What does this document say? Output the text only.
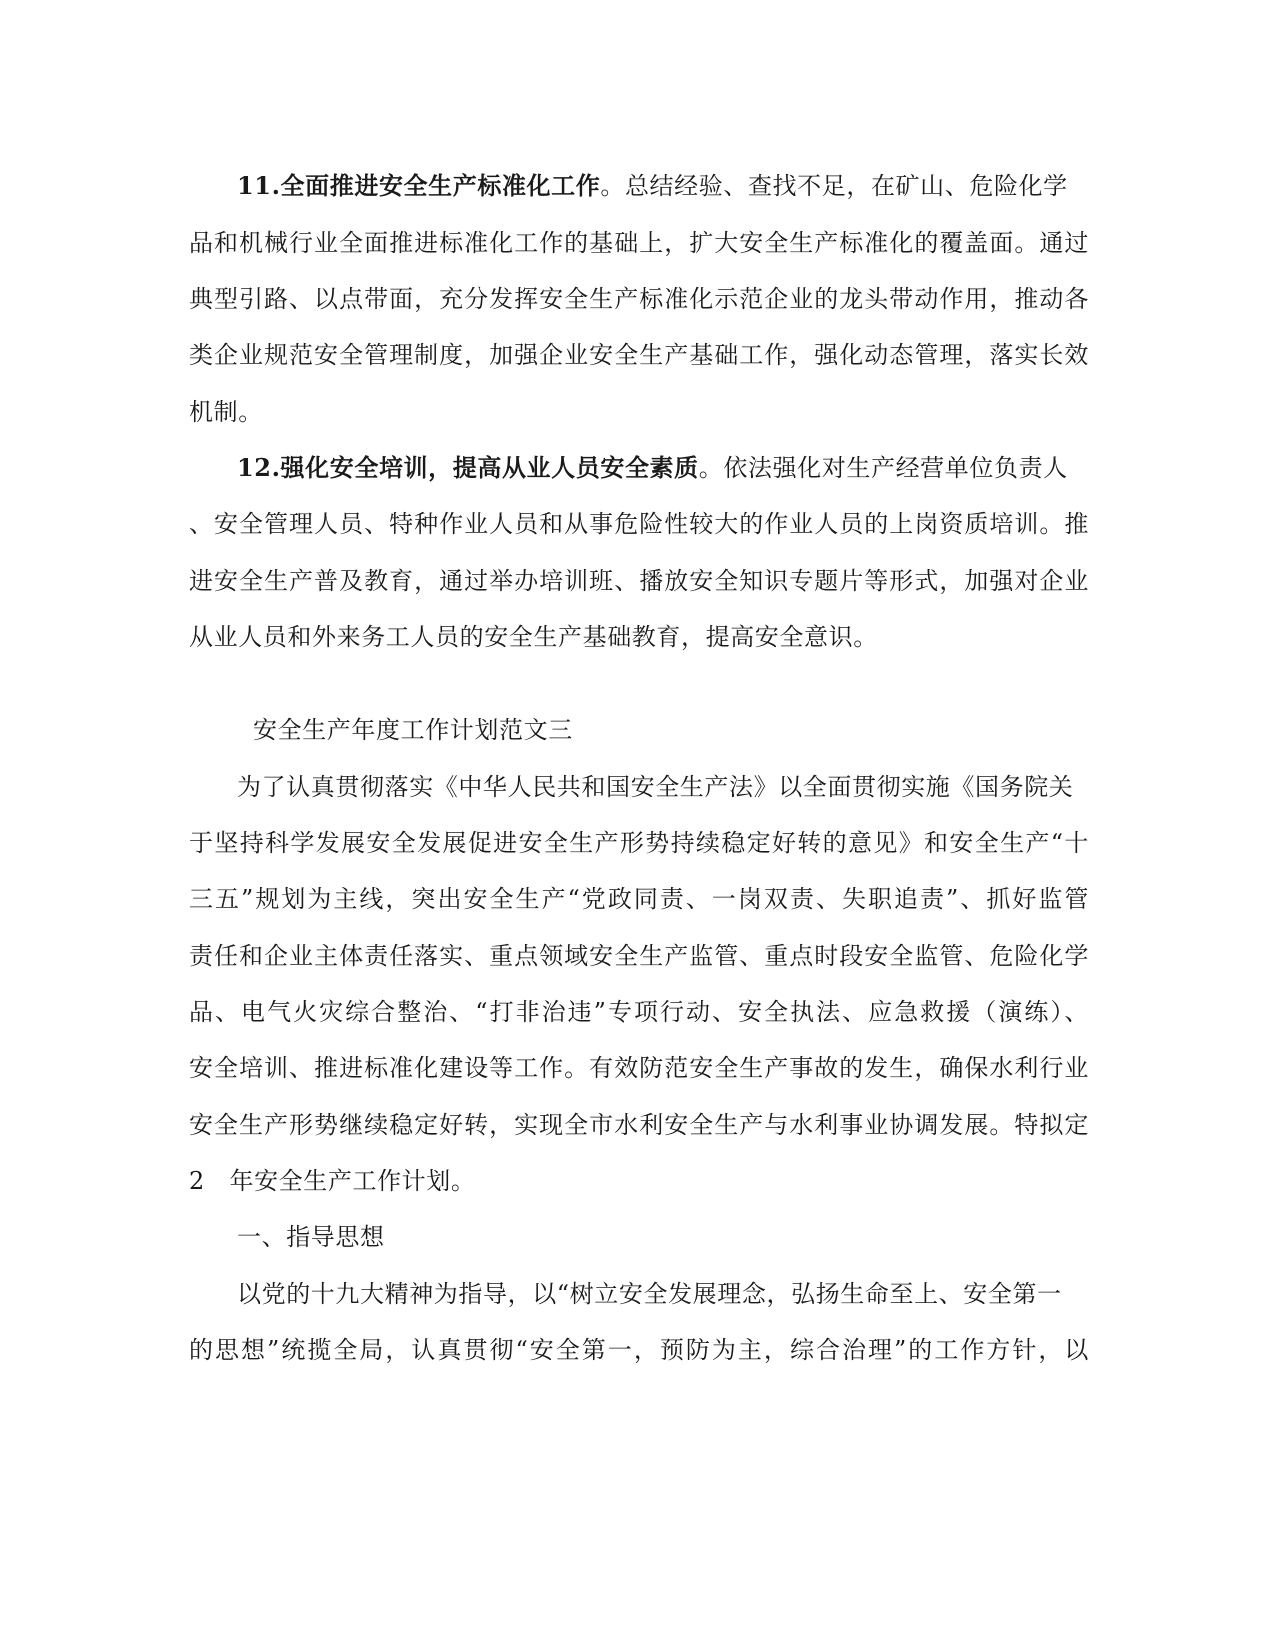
11.全面推进安全生产标准化工作。总结经验、查找不足，在矿山、危险化学
品和机械行业全面推进标准化工作的基础上，扩大安全生产标准化的覆盖面。通过
典型引路、以点带面，充分发挥安全生产标准化示范企业的龙头带动作用，推动各
类企业规范安全管理制度，加强企业安全生产基础工作，强化动态管理，落实长效
机制。
12.强化安全培训，提高从业人员安全素质。依法强化对生产经营单位负责人
、安全管理人员、特种作业人员和从事危险性较大的作业人员的上岗资质培训。推
进安全生产普及教育，通过举办培训班、播放安全知识专题片等形式，加强对企业
从业人员和外来务工人员的安全生产基础教育，提高安全意识。
安全生产年度工作计划范文三
为了认真贯彻落实《中华人民共和国安全生产法》以全面贯彻实施《国务院关
于坚持科学发展安全发展促进安全生产形势持续稳定好转的意见》和安全生产“十
三五”规划为主线，突出安全生产“党政同责、一岗双责、失职追责”、抓好监管
责任和企业主体责任落实、重点领域安全生产监管、重点时段安全监管、危险化学
品、电气火灾综合整治、“打非治违”专项行动、安全执法、应急救援（演练）、
安全培训、推进标准化建设等工作。有效防范安全生产事故的发生，确保水利行业
安全生产形势继续稳定好转，实现全市水利安全生产与水利事业协调发展。特拟定
2　年安全生产工作计划。
一、指导思想
以党的十九大精神为指导，以“树立安全发展理念，弘扬生命至上、安全第一
的思想”统揽全局，认真贯彻“安全第一，预防为主，综合治理”的工作方针，以
